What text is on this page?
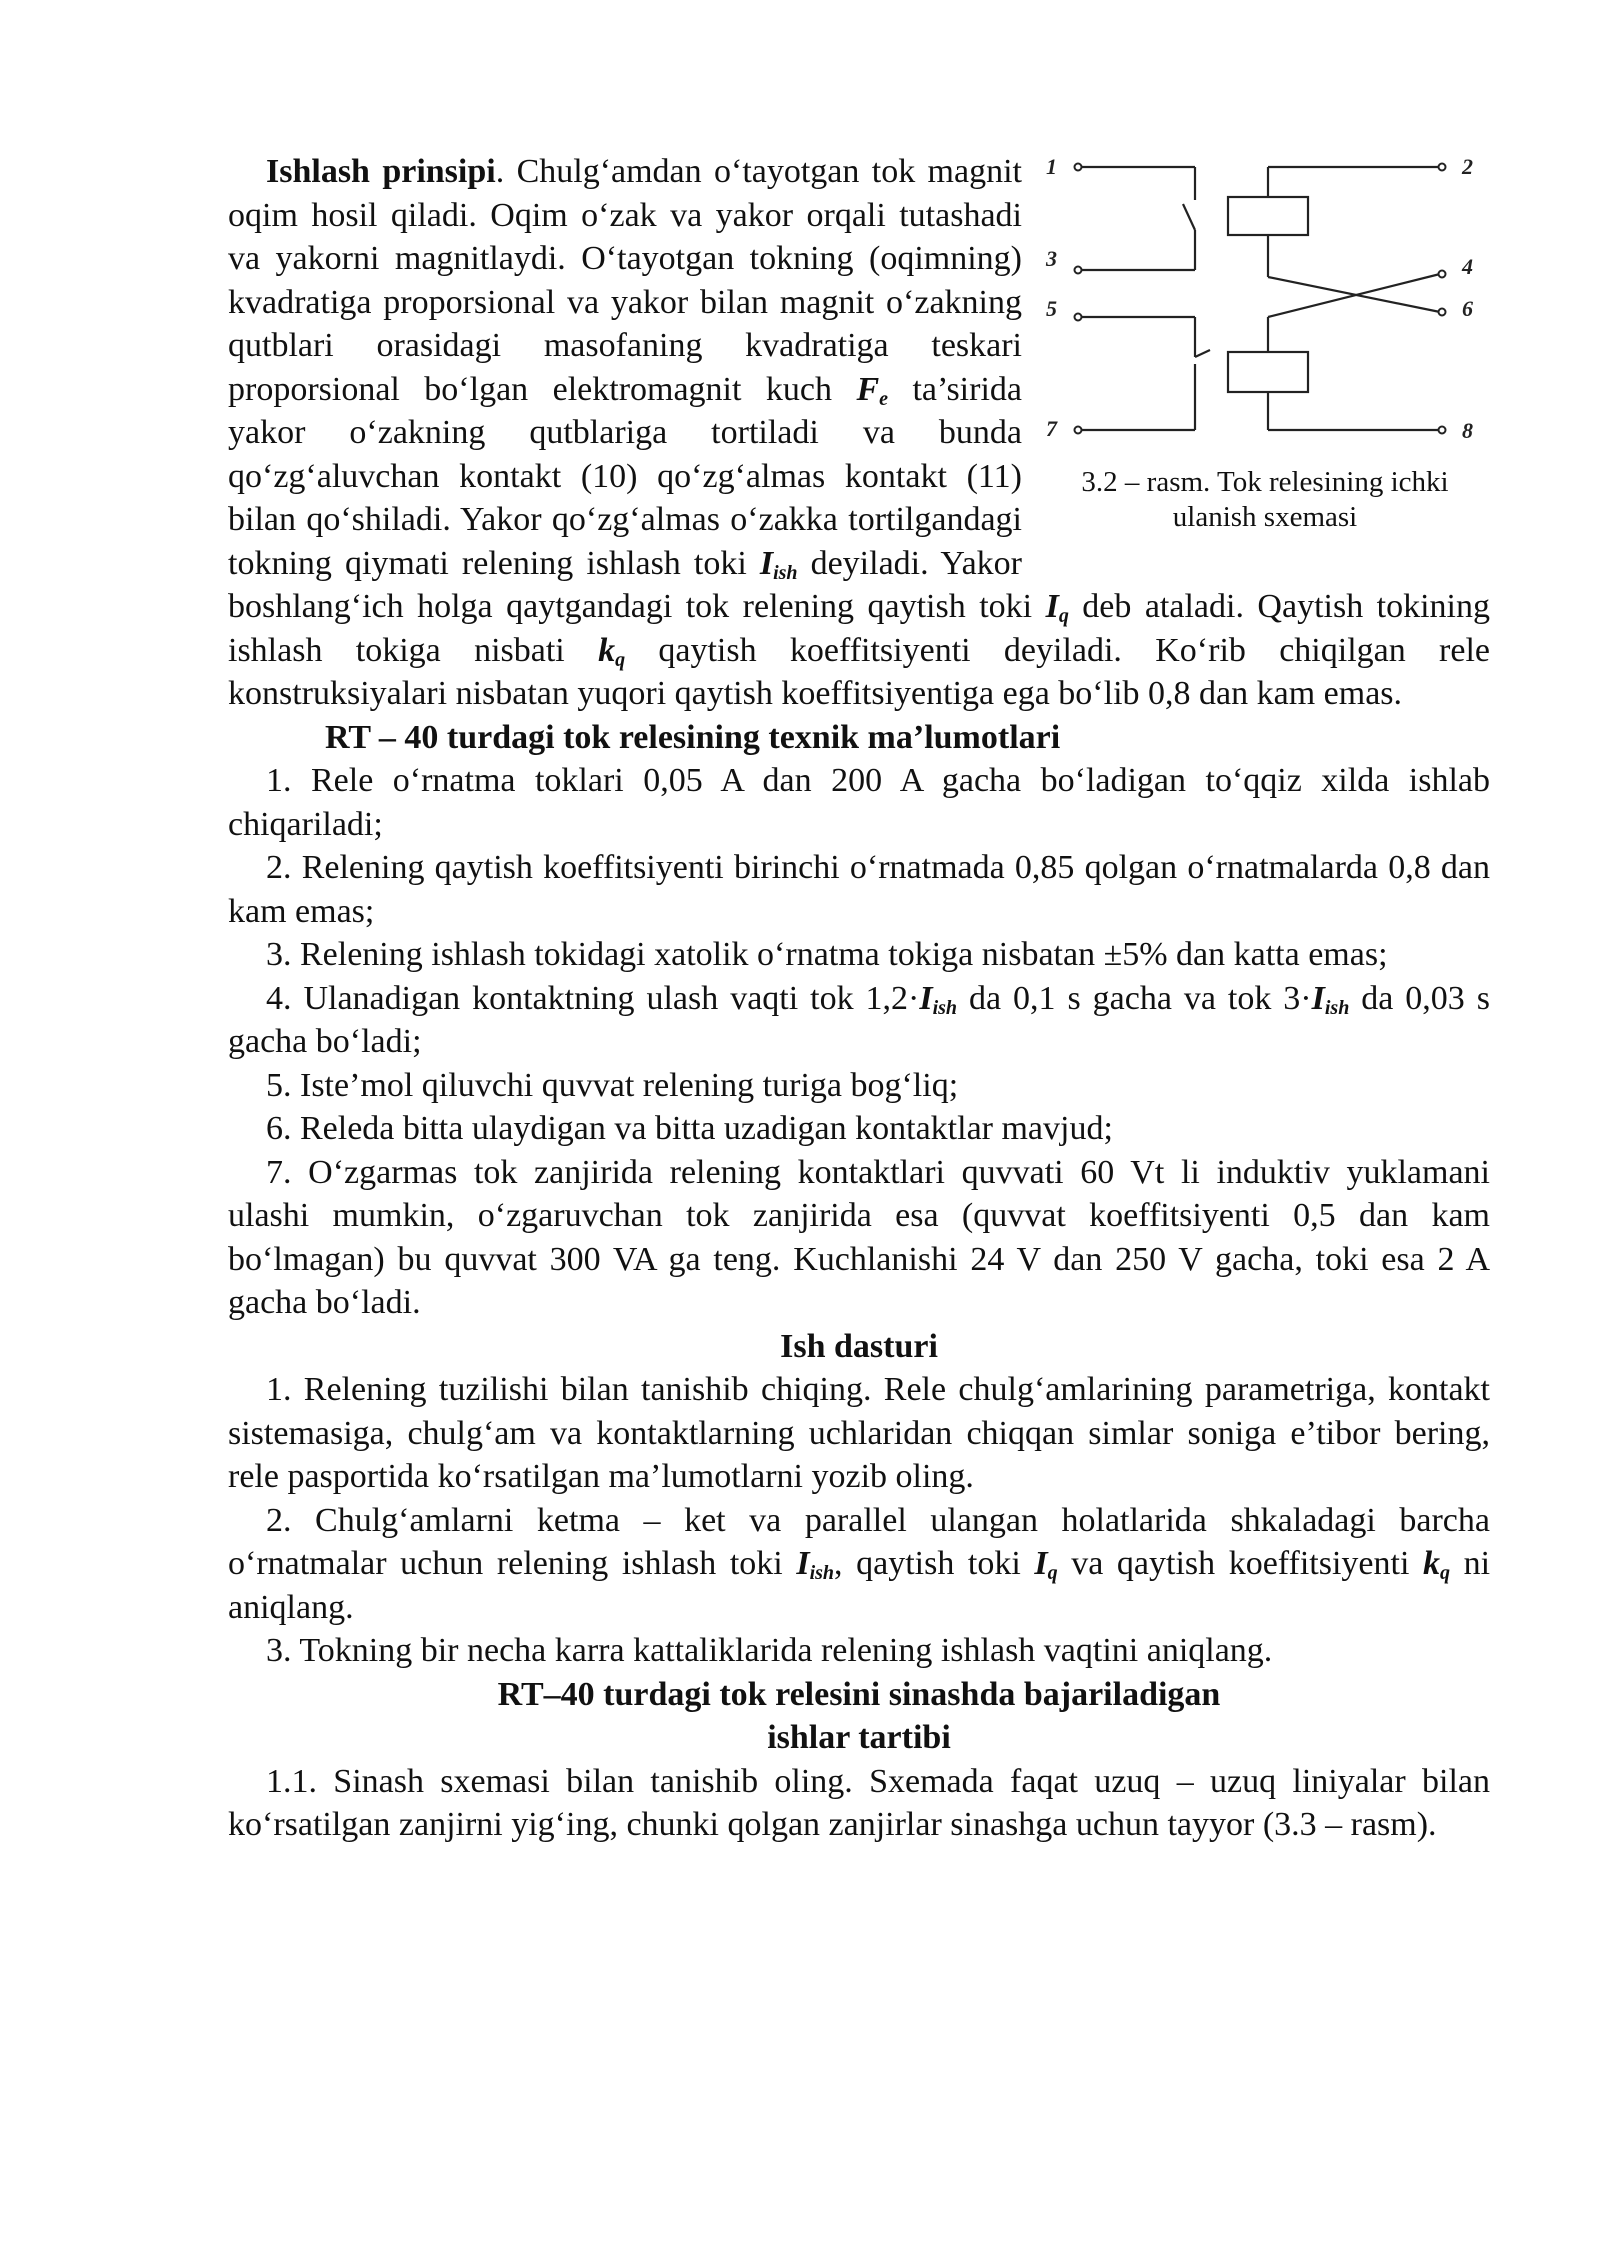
1	2
3	4
5	6
7	8
3.2 – rasm. Tok relesining ichki
ulanish sxemasi

Ishlash prinsipi. Chulg‘amdan o‘tayotgan tok magnit oqim hosil qiladi. Oqim o‘zak va yakor orqali tutashadi va yakorni magnitlaydi. O‘tayotgan tokning (oqimning) kvadratiga proporsional va yakor bilan magnit o‘zakning qutblari orasidagi masofaning kvadratiga teskari proporsional bo‘lgan elektromagnit kuch $F_e$ ta’sirida yakor o‘zakning qutblariga tortiladi va bunda qo‘zg‘aluvchan kontakt (10) qo‘zg‘almas kontakt (11) bilan qo‘shiladi. Yakor qo‘zg‘almas o‘zakka tortilgandagi tokning qiymati relening ishlash toki $I_{ish}$ deyiladi. Yakor boshlang‘ich holga qaytgandagi tok relening qaytish toki $I_q$ deb ataladi. Qaytish tokining ishlash tokiga nisbati $k_q$ qaytish koeffitsiyenti deyiladi. Ko‘rib chiqilgan rele konstruksiyalari nisbatan yuqori qaytish koeffitsiyentiga ega bo‘lib 0,8 dan kam emas.

RT – 40 turdagi tok relesining texnik ma’lumotlari

1. Rele o‘rnatma toklari 0,05 A dan 200 A gacha bo‘ladigan to‘qqiz xilda ishlab chiqariladi;

2. Relening qaytish koeffitsiyenti birinchi o‘rnatmada 0,85 qolgan o‘rnatmalarda 0,8 dan kam emas;

3. Relening ishlash tokidagi xatolik o‘rnatma tokiga nisbatan ±5% dan katta emas;

4. Ulanadigan kontaktning ulash vaqti tok $1,2\cdot I_{ish}$ da 0,1 s gacha va tok $3\cdot I_{ish}$ da 0,03 s gacha bo‘ladi;

5. Iste’mol qiluvchi quvvat relening turiga bog‘liq;

6. Releda bitta ulaydigan va bitta uzadigan kontaktlar mavjud;

7. O‘zgarmas tok zanjirida relening kontaktlari quvvati 60 Vt li induktiv yuklamani ulashi mumkin, o‘zgaruvchan tok zanjirida esa (quvvat koeffitsiyenti 0,5 dan kam bo‘lmagan) bu quvvat 300 VA ga teng. Kuchlanishi 24 V dan 250 V gacha, toki esa 2 A gacha bo‘ladi.

Ish dasturi

1. Relening tuzilishi bilan tanishib chiqing. Rele chulg‘amlarining parametriga, kontakt sistemasiga, chulg‘am va kontaktlarning uchlaridan chiqqan simlar soniga e’tibor bering, rele pasportida ko‘rsatilgan ma’lumotlarni yozib oling.

2. Chulg‘amlarni ketma – ket va parallel ulangan holatlarida shkaladagi barcha o‘rnatmalar uchun relening ishlash toki $I_{ish}$, qaytish toki $I_q$ va qaytish koeffitsiyenti $k_q$ ni aniqlang.

3. Tokning bir necha karra kattaliklarida relening ishlash vaqtini aniqlang.

RT–40 turdagi tok relesini sinashda bajariladigan
ishlar tartibi

1.1. Sinash sxemasi bilan tanishib oling. Sxemada faqat uzuq – uzuq liniyalar bilan ko‘rsatilgan zanjirni yig‘ing, chunki qolgan zanjirlar sinashga uchun tayyor (3.3 – rasm).
